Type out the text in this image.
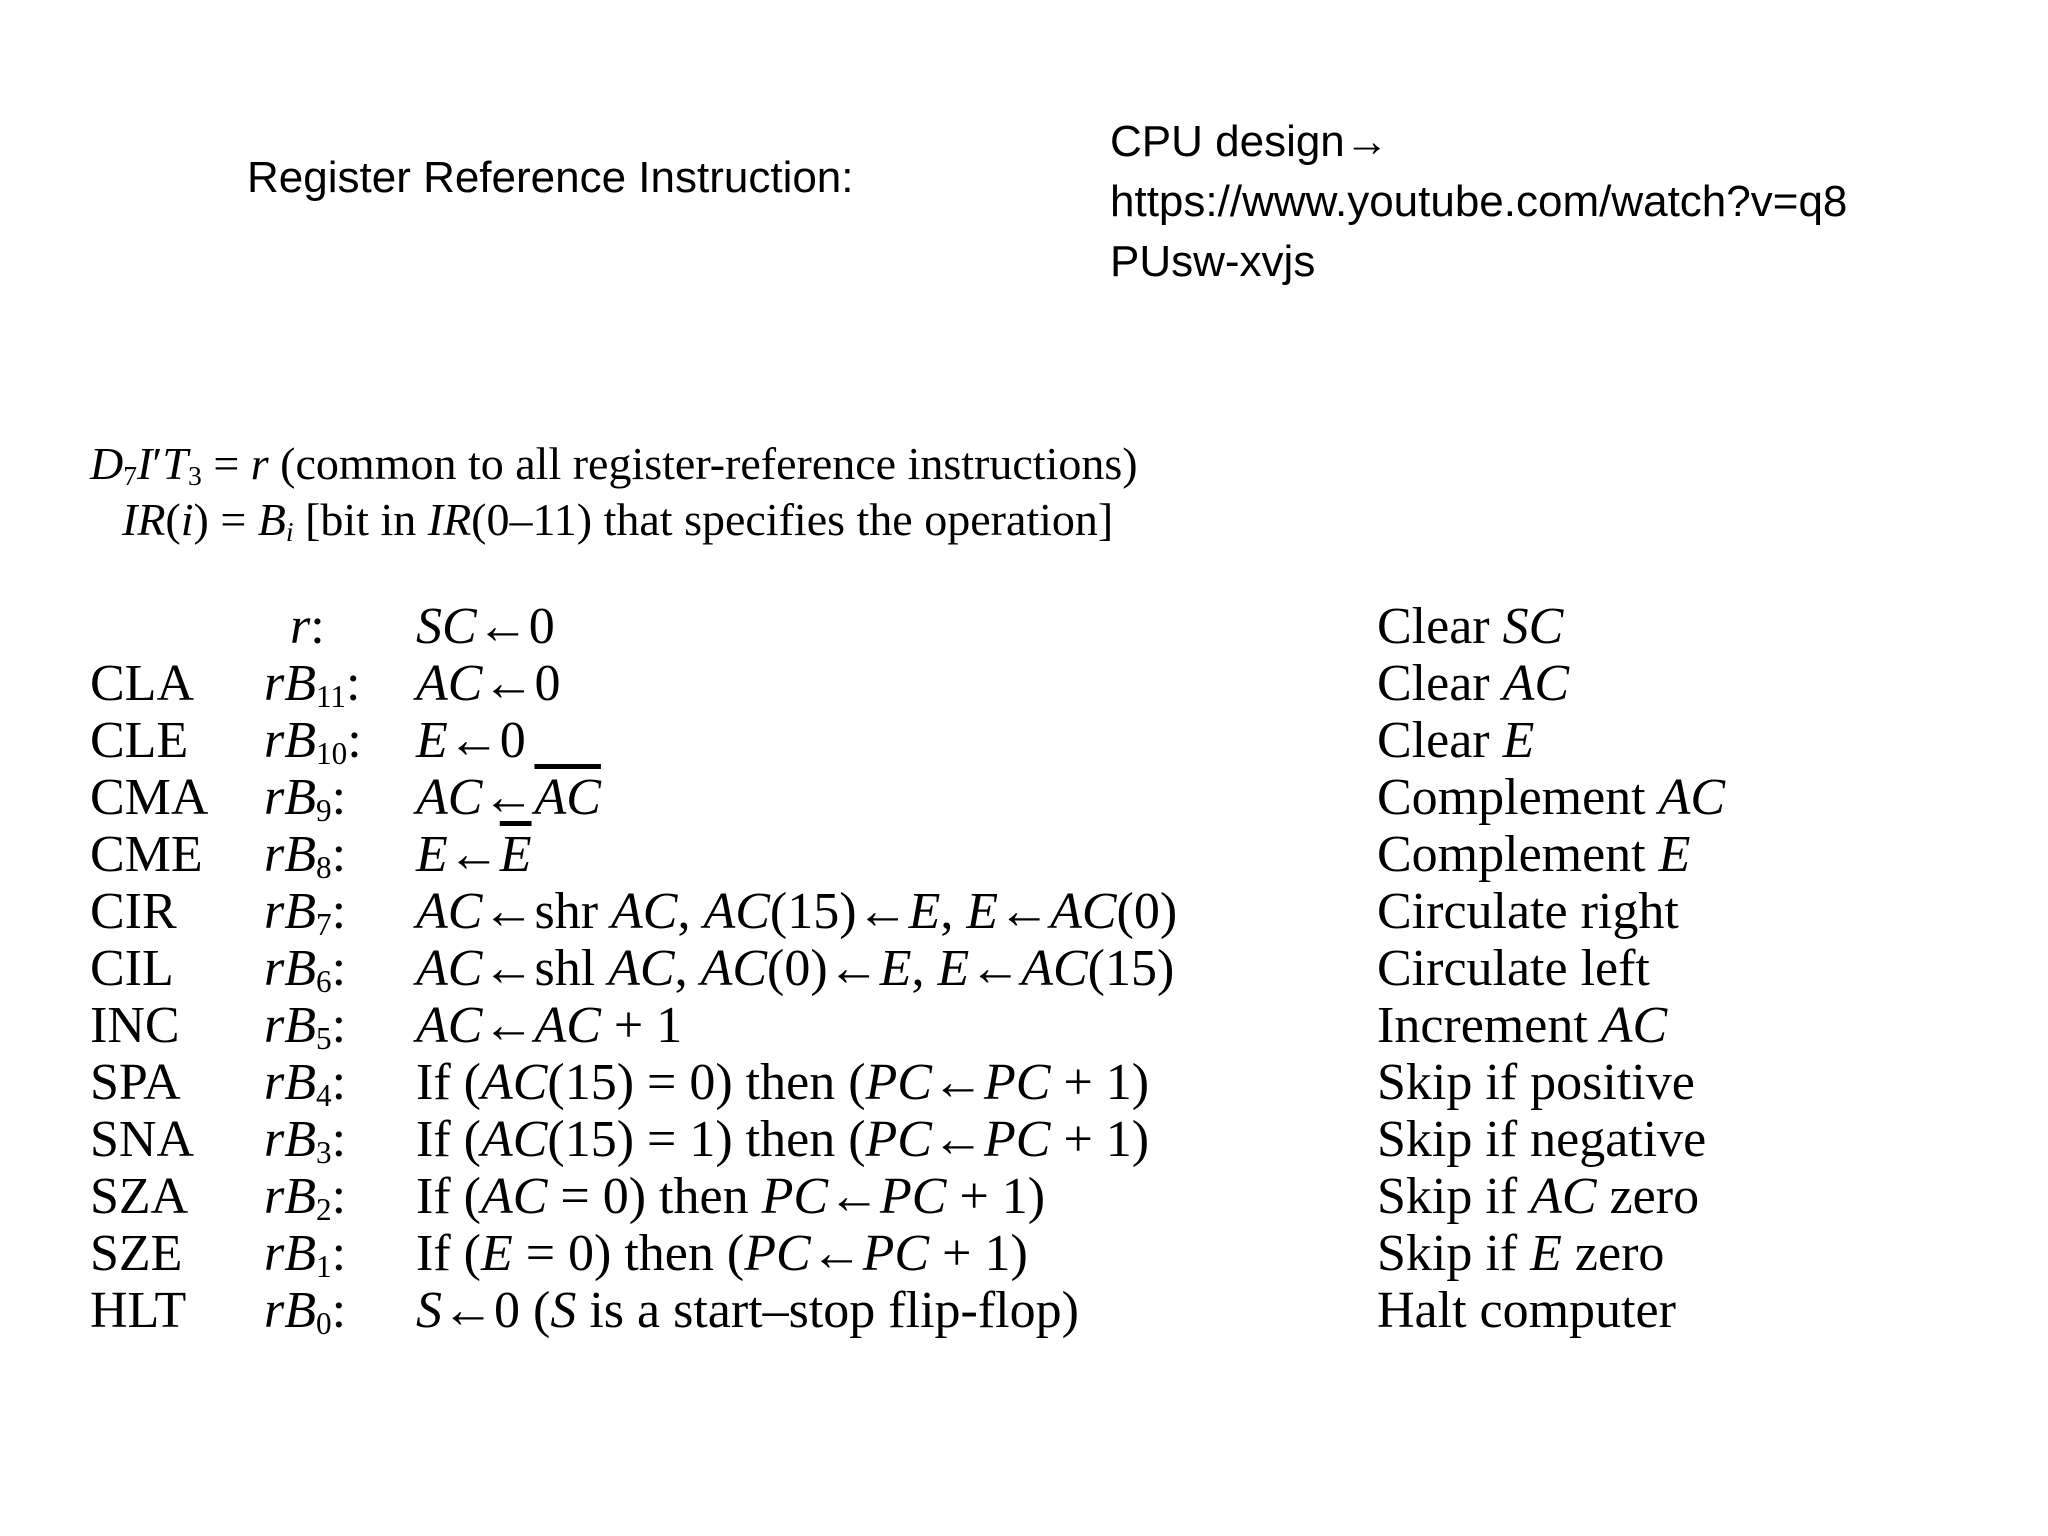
Register Reference Instruction:
CPU design→
https://www.youtube.com/watch?v=q8
PUsw-xvjs
$D_7I'T_3 = r$ (common to all register-reference instructions)
$IR(i) = B_i$ [bit in IR(0–11) that specifies the operation]
r: SC←0	Clear SC
CLA $rB_{11}$: AC←0	Clear AC
CLE $rB_{10}$: E←0	Clear E
CMA $rB_9$: $AC\leftarrow\overline{AC}$	Complement AC
CME $rB_8$: $E\leftarrow\overline{E}$	Complement E
CIR $rB_7$: AC←shr AC, AC(15)←E, E←AC(0)	Circulate right
CIL $rB_6$: AC←shl AC, AC(0)←E, E←AC(15)	Circulate left
INC $rB_5$: AC←AC + 1	Increment AC
SPA $rB_4$: If (AC(15) = 0) then (PC←PC + 1)	Skip if positive
SNA $rB_3$: If (AC(15) = 1) then (PC←PC + 1)	Skip if negative
SZA $rB_2$: If (AC = 0) then PC←PC + 1)	Skip if AC zero
SZE $rB_1$: If (E = 0) then (PC←PC + 1)	Skip if E zero
HLT $rB_0$: S←0 (S is a start–stop flip-flop)	Halt computer
